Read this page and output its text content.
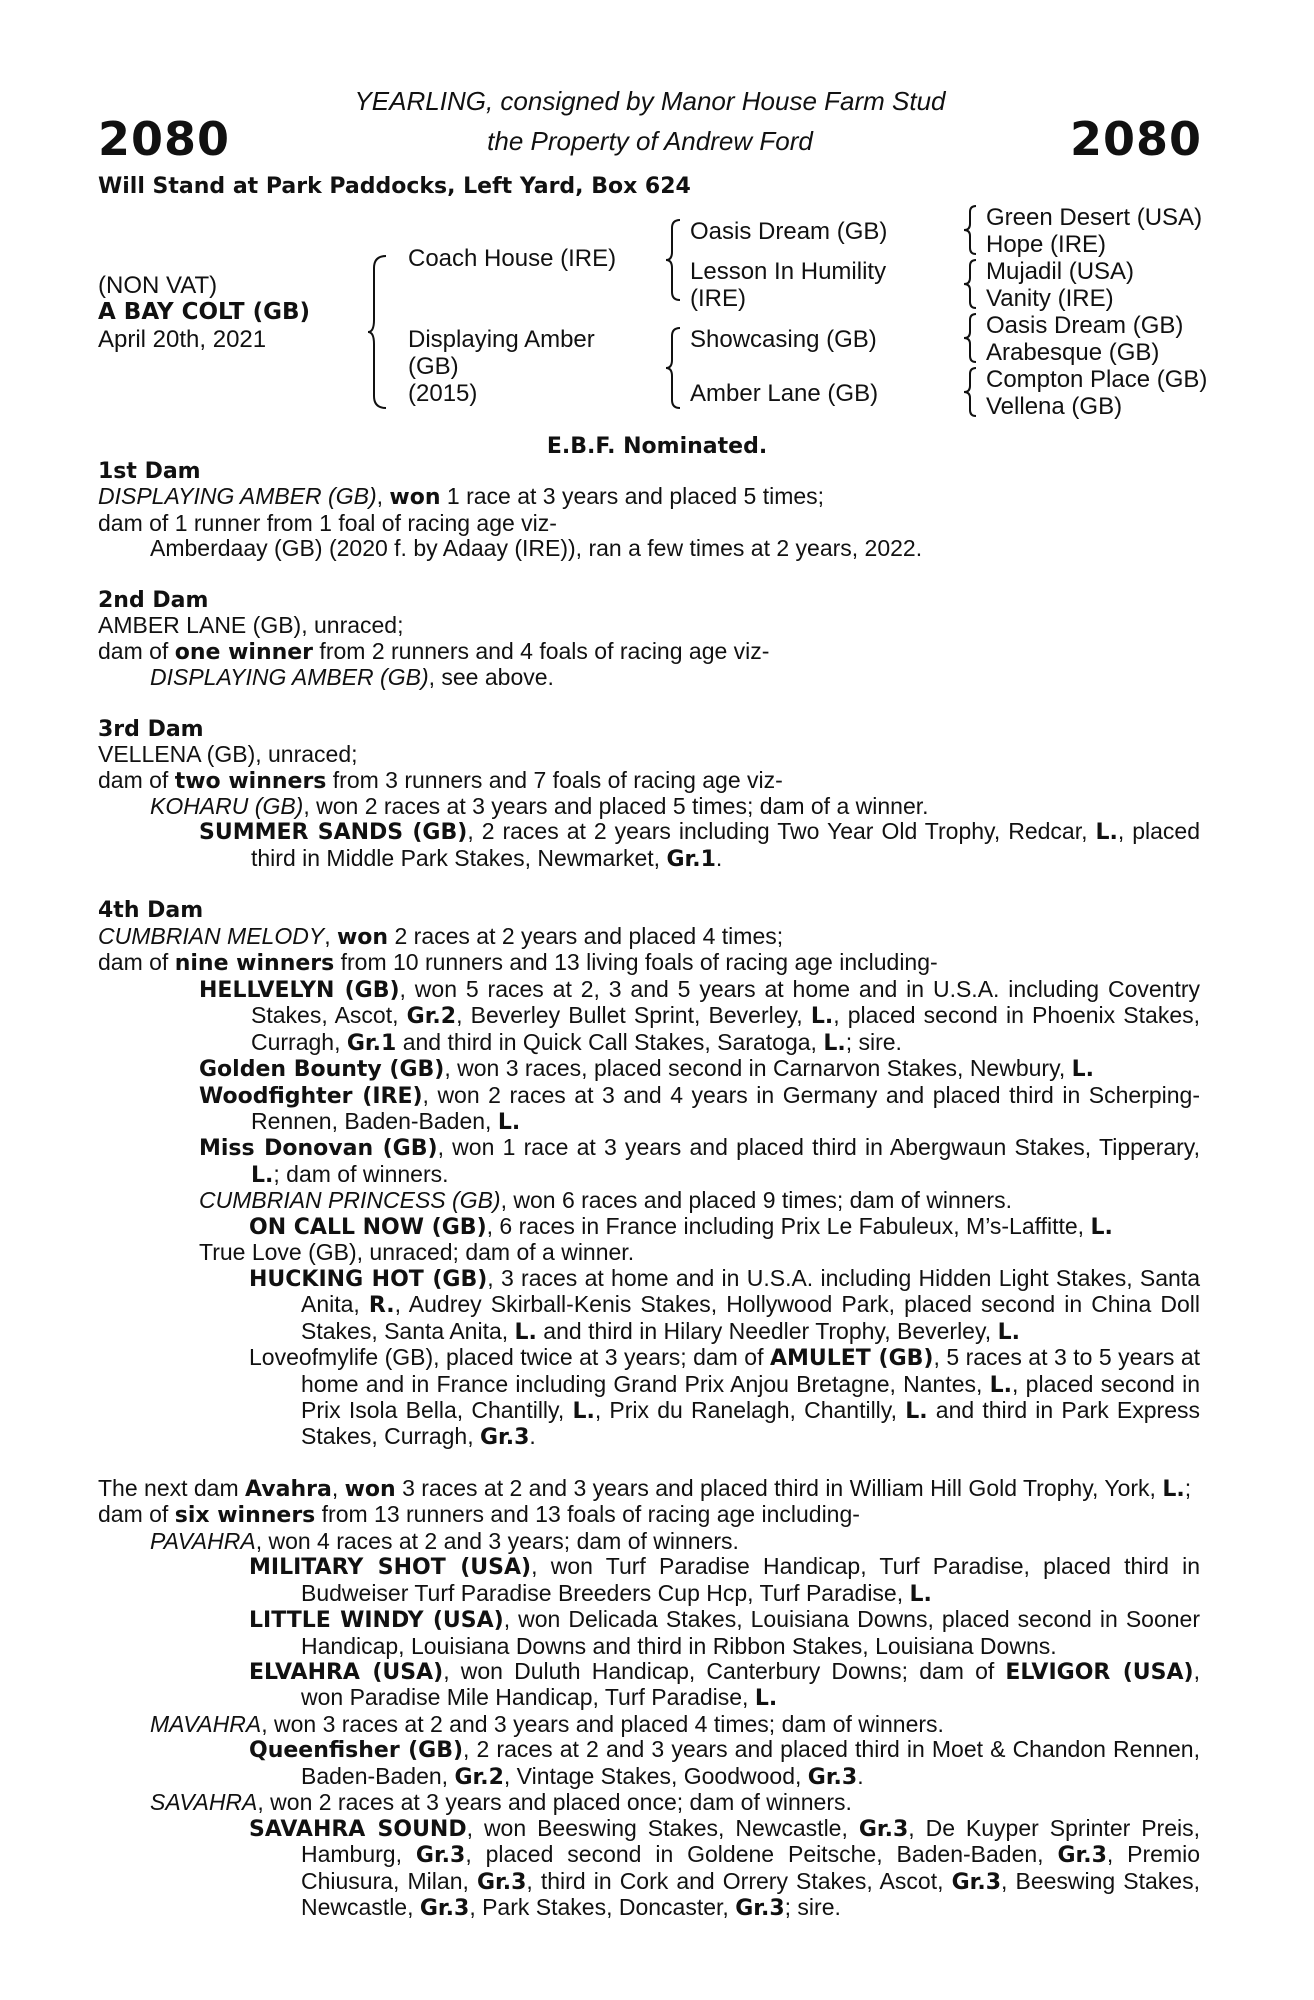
2080	2080
YEARLING, consigned by Manor House Farm Stud
the Property of Andrew Ford
Will Stand at Park Paddocks, Left Yard, Box 624
(NON VAT)
A BAY COLT (GB)
April 20th, 2021
Coach House (IRE)
Displaying Amber
(GB)
(2015)
Oasis Dream (GB)
Lesson In Humility
(IRE)
Showcasing (GB)
Amber Lane (GB)
Green Desert (USA)
Hope (IRE)
Mujadil (USA)
Vanity (IRE)
Oasis Dream (GB)
Arabesque (GB)
Compton Place (GB)
Vellena (GB)
E.B.F. Nominated.

1st Dam

DISPLAYING AMBER (GB), won 1 race at 3 years and placed 5 times;

dam of 1 runner from 1 foal of racing age viz-

Amberdaay (GB) (2020 f. by Adaay (IRE)), ran a few times at 2 years, 2022.

2nd Dam

AMBER LANE (GB), unraced;

dam of one winner from 2 runners and 4 foals of racing age viz-

DISPLAYING AMBER (GB), see above.

3rd Dam

VELLENA (GB), unraced;

dam of two winners from 3 runners and 7 foals of racing age viz-

KOHARU (GB), won 2 races at 3 years and placed 5 times; dam of a winner.

SUMMER SANDS (GB), 2 races at 2 years including Two Year Old Trophy, Redcar, L., placed third in Middle Park Stakes, Newmarket, Gr.1.

4th Dam

CUMBRIAN MELODY, won 2 races at 2 years and placed 4 times;

dam of nine winners from 10 runners and 13 living foals of racing age including-

HELLVELYN (GB), won 5 races at 2, 3 and 5 years at home and in U.S.A. including Coventry Stakes, Ascot, Gr.2, Beverley Bullet Sprint, Beverley, L., placed second in Phoenix Stakes, Curragh, Gr.1 and third in Quick Call Stakes, Saratoga, L.; sire.

Golden Bounty (GB), won 3 races, placed second in Carnarvon Stakes, Newbury, L.

Woodfighter (IRE), won 2 races at 3 and 4 years in Germany and placed third in Scherping-Rennen, Baden-Baden, L.

Miss Donovan (GB), won 1 race at 3 years and placed third in Abergwaun Stakes, Tipperary, L.; dam of winners.

CUMBRIAN PRINCESS (GB), won 6 races and placed 9 times; dam of winners.

ON CALL NOW (GB), 6 races in France including Prix Le Fabuleux, M’s-Laffitte, L.

True Love (GB), unraced; dam of a winner.

HUCKING HOT (GB), 3 races at home and in U.S.A. including Hidden Light Stakes, Santa Anita, R., Audrey Skirball-Kenis Stakes, Hollywood Park, placed second in China Doll Stakes, Santa Anita, L. and third in Hilary Needler Trophy, Beverley, L.

Loveofmylife (GB), placed twice at 3 years; dam of AMULET (GB), 5 races at 3 to 5 years at home and in France including Grand Prix Anjou Bretagne, Nantes, L., placed second in Prix Isola Bella, Chantilly, L., Prix du Ranelagh, Chantilly, L. and third in Park Express Stakes, Curragh, Gr.3.

The next dam Avahra, won 3 races at 2 and 3 years and placed third in William Hill Gold Trophy, York, L.;

dam of six winners from 13 runners and 13 foals of racing age including-

PAVAHRA, won 4 races at 2 and 3 years; dam of winners.

MILITARY SHOT (USA), won Turf Paradise Handicap, Turf Paradise, placed third in Budweiser Turf Paradise Breeders Cup Hcp, Turf Paradise, L.

LITTLE WINDY (USA), won Delicada Stakes, Louisiana Downs, placed second in Sooner Handicap, Louisiana Downs and third in Ribbon Stakes, Louisiana Downs.

ELVAHRA (USA), won Duluth Handicap, Canterbury Downs; dam of ELVIGOR (USA), won Paradise Mile Handicap, Turf Paradise, L.

MAVAHRA, won 3 races at 2 and 3 years and placed 4 times; dam of winners.

Queenfisher (GB), 2 races at 2 and 3 years and placed third in Moet & Chandon Rennen, Baden-Baden, Gr.2, Vintage Stakes, Goodwood, Gr.3.

SAVAHRA, won 2 races at 3 years and placed once; dam of winners.

SAVAHRA SOUND, won Beeswing Stakes, Newcastle, Gr.3, De Kuyper Sprinter Preis, Hamburg, Gr.3, placed second in Goldene Peitsche, Baden-Baden, Gr.3, Premio Chiusura, Milan, Gr.3, third in Cork and Orrery Stakes, Ascot, Gr.3, Beeswing Stakes, Newcastle, Gr.3, Park Stakes, Doncaster, Gr.3; sire.
